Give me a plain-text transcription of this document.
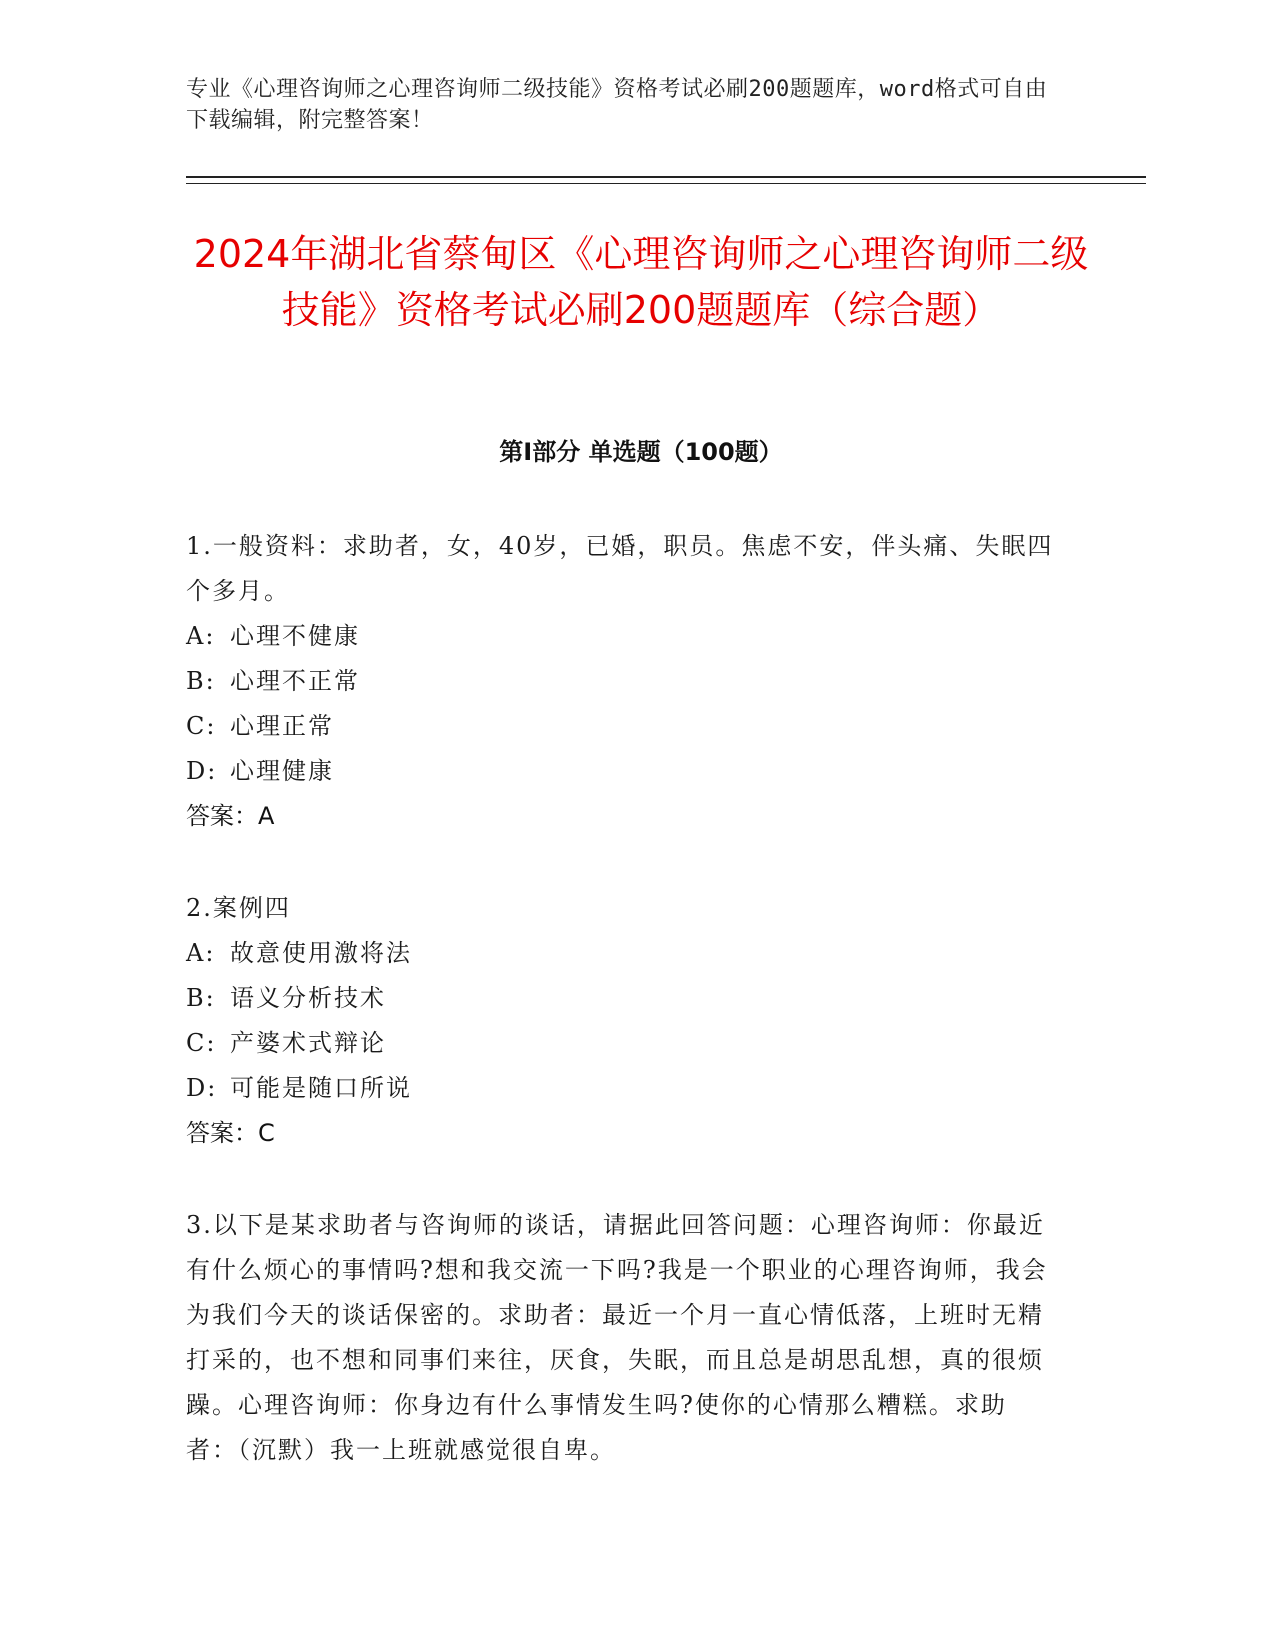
专业《心理咨询师之心理咨询师二级技能》资格考试必刷200题题库，word格式可自由下载编辑，附完整答案！
2024年湖北省蔡甸区《心理咨询师之心理咨询师二级技能》资格考试必刷200题题库（综合题）
第Ⅰ部分 单选题（100题）
1.一般资料：求助者，女，40岁，已婚，职员。焦虑不安，伴头痛、失眠四个多月。
A: 心理不健康
B: 心理不正常
C: 心理正常
D: 心理健康
答案：A
2.案例四
A: 故意使用激将法
B: 语义分析技术
C: 产婆术式辩论
D: 可能是随口所说
答案：C
3.以下是某求助者与咨询师的谈话，请据此回答问题：心理咨询师：你最近有什么烦心的事情吗?想和我交流一下吗?我是一个职业的心理咨询师，我会为我们今天的谈话保密的。求助者：最近一个月一直心情低落，上班时无精打采的，也不想和同事们来往，厌食，失眠，而且总是胡思乱想，真的很烦躁。心理咨询师：你身边有什么事情发生吗?使你的心情那么糟糕。求助者：（沉默）我一上班就感觉很自卑。
